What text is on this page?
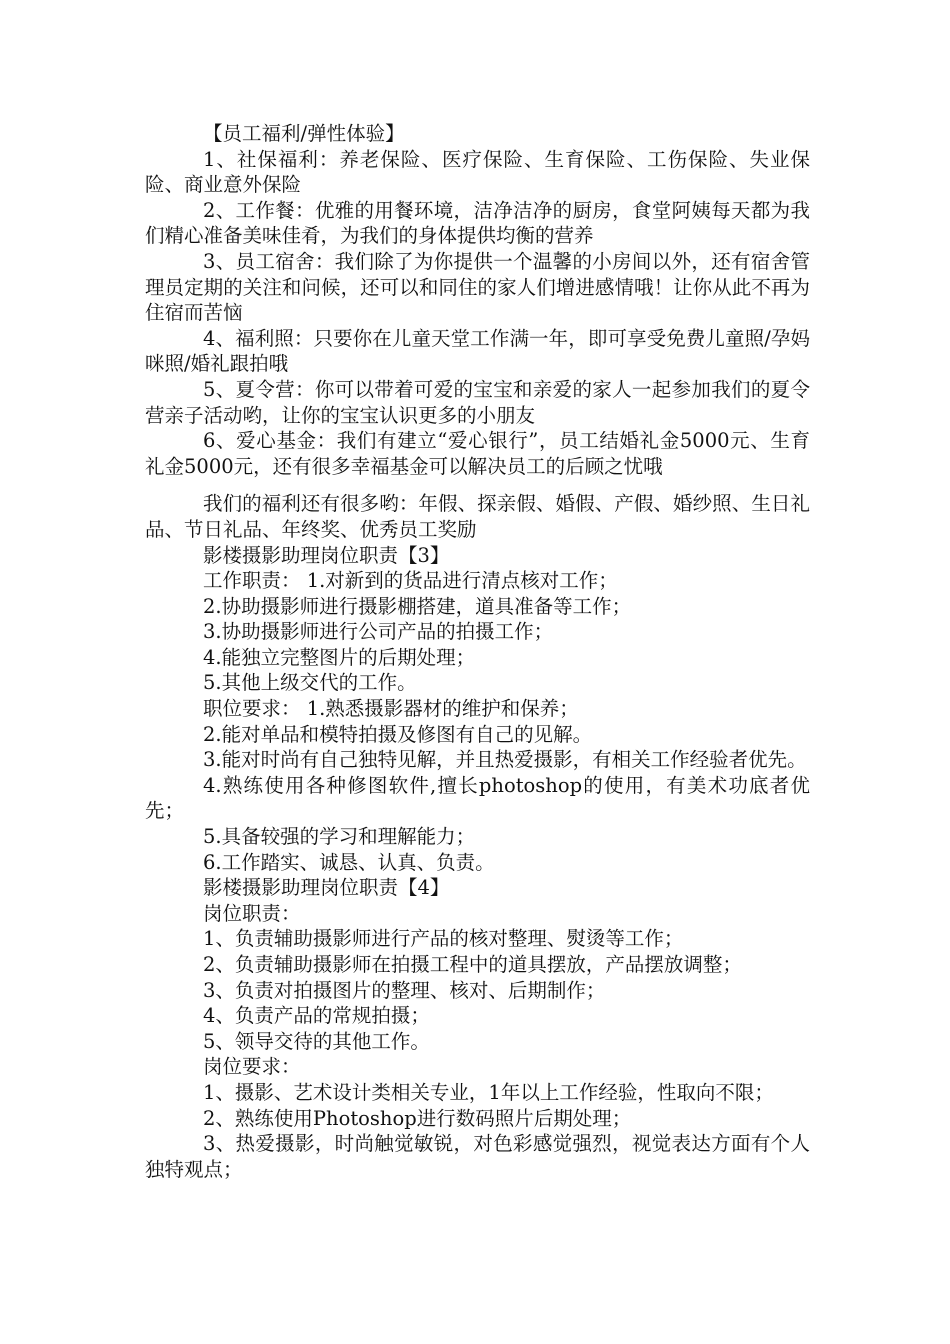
【员工福利/弹性体验】

1、社保福利：养老保险、医疗保险、生育保险、工伤保险、失业保险、商业意外保险

2、工作餐：优雅的用餐环境，洁净洁净的厨房，食堂阿姨每天都为我们精心准备美味佳肴，为我们的身体提供均衡的营养

3、员工宿舍：我们除了为你提供一个温馨的小房间以外，还有宿舍管理员定期的关注和问候，还可以和同住的家人们增进感情哦！让你从此不再为住宿而苦恼

4、福利照：只要你在儿童天堂工作满一年，即可享受免费儿童照/孕妈咪照/婚礼跟拍哦

5、夏令营：你可以带着可爱的宝宝和亲爱的家人一起参加我们的夏令营亲子活动哟，让你的宝宝认识更多的小朋友

6、爱心基金：我们有建立“爱心银行”，员工结婚礼金5000元、生育礼金5000元，还有很多幸福基金可以解决员工的后顾之忧哦

我们的福利还有很多哟：年假、探亲假、婚假、产假、婚纱照、生日礼品、节日礼品、年终奖、优秀员工奖励

影楼摄影助理岗位职责【3】

工作职责： 1.对新到的货品进行清点核对工作；

2.协助摄影师进行摄影棚搭建，道具准备等工作；

3.协助摄影师进行公司产品的拍摄工作；

4.能独立完整图片的后期处理；

5.其他上级交代的工作。

职位要求： 1.熟悉摄影器材的维护和保养；

2.能对单品和模特拍摄及修图有自己的见解。

3.能对时尚有自己独特见解，并且热爱摄影，有相关工作经验者优先。

4.熟练使用各种修图软件,擅长photoshop的使用，有美术功底者优先；

5.具备较强的学习和理解能力；

6.工作踏实、诚恳、认真、负责。

影楼摄影助理岗位职责【4】

岗位职责：

1、负责辅助摄影师进行产品的核对整理、熨烫等工作；

2、负责辅助摄影师在拍摄工程中的道具摆放，产品摆放调整；

3、负责对拍摄图片的整理、核对、后期制作；

4、负责产品的常规拍摄；

5、领导交待的其他工作。

岗位要求：

1、摄影、艺术设计类相关专业，1年以上工作经验，性取向不限；

2、熟练使用Photoshop进行数码照片后期处理；

3、热爱摄影，时尚触觉敏锐，对色彩感觉强烈，视觉表达方面有个人独特观点；
